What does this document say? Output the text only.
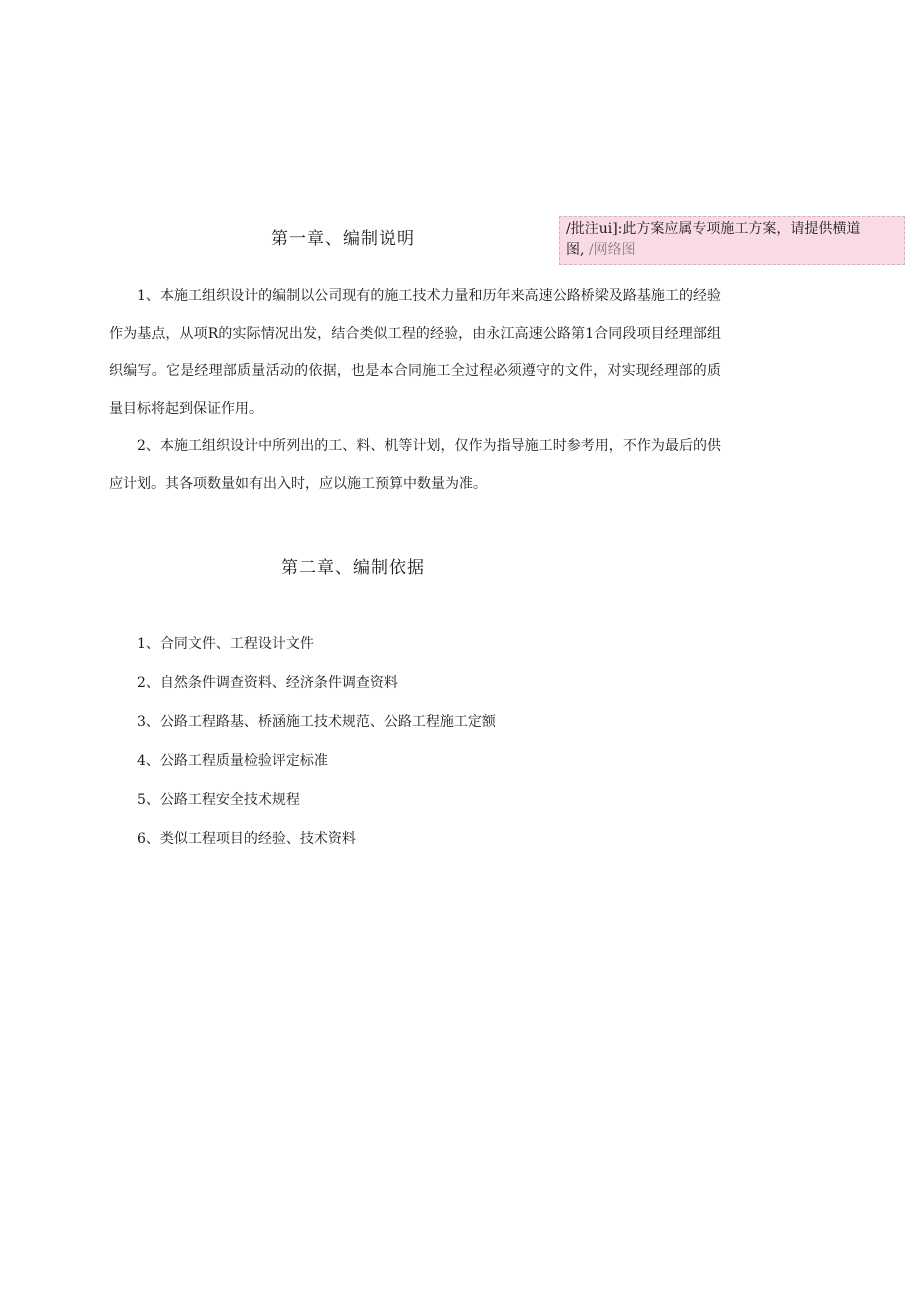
第一章、编制说明	/批注ui]:此方案应属专项施工方案，请提供横道
图, /网络图

1、本施工组织设计的编制以公司现有的施工技术力量和历年来高速公路桥梁及路基施工的经验作为基点，从项R的实际情况出发，结合类似工程的经验，由永江高速公路第1合同段项目经理部组织编写。它是经理部质量活动的依据，也是本合同施工全过程必须遵守的文件，对实现经理部的质量目标将起到保证作用。

2、本施工组织设计中所列出的工、料、机等计划，仅作为指导施工时参考用，不作为最后的供应计划。其各项数量如有出入时，应以施工预算中数量为准。

第二章、编制依据
1、合同文件、工程设计文件
2、自然条件调查资料、经济条件调查资料
3、公路工程路基、桥涵施工技术规范、公路工程施工定额
4、公路工程质量检验评定标准
5、公路工程安全技术规程
6、类似工程项目的经验、技术资料
